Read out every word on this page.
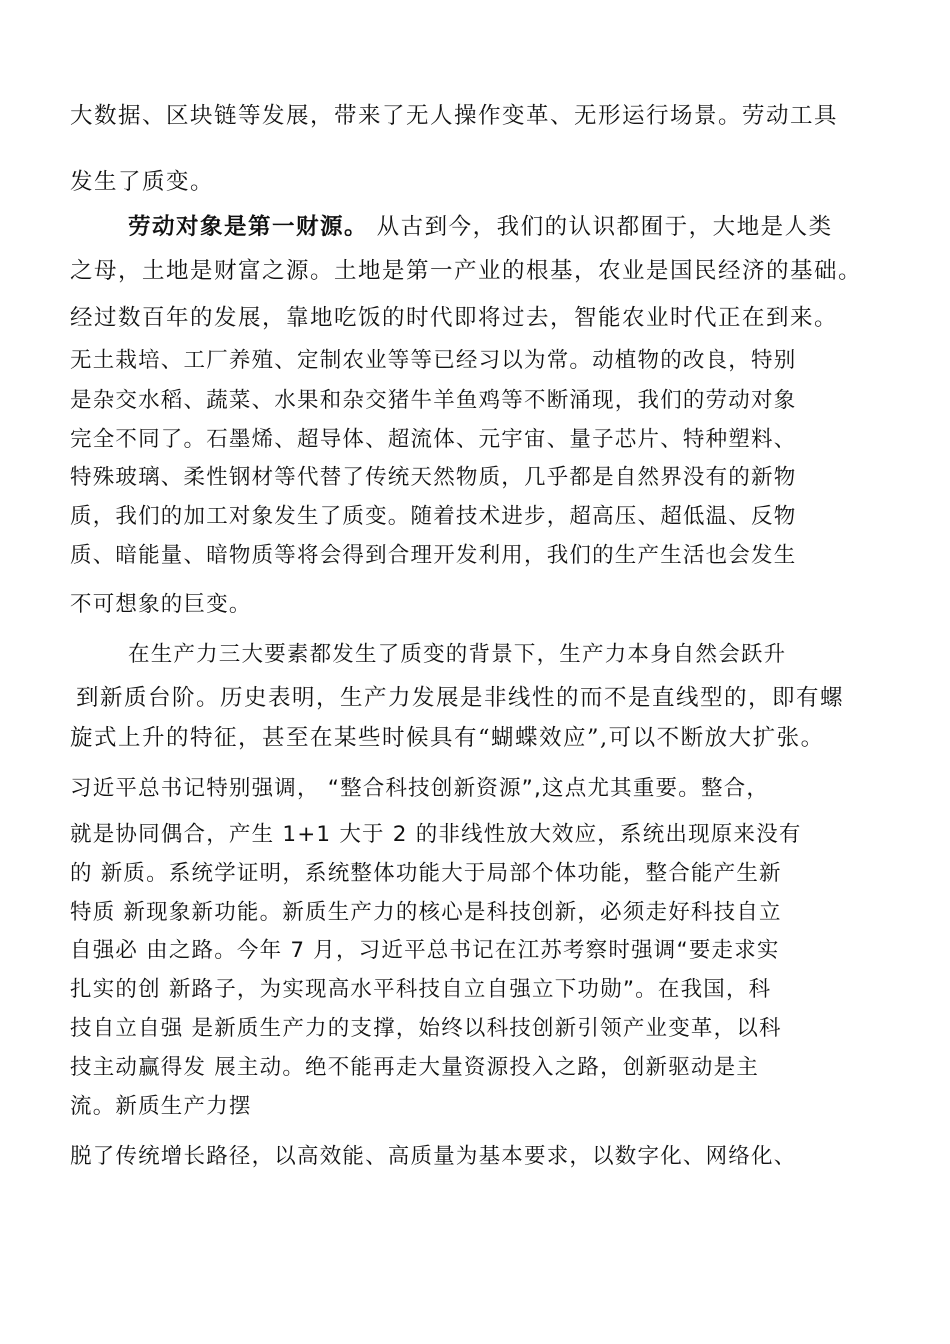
大数据、区块链等发展，带来了无人操作变革、无形运行场景。劳动工具
发生了质变。
劳动对象是第一财源。 从古到今，我们的认识都囿于，大地是人类
之母，土地是财富之源。土地是第一产业的根基，农业是国民经济的基础。
经过数百年的发展，靠地吃饭的时代即将过去，智能农业时代正在到来。
无土栽培、工厂养殖、定制农业等等已经习以为常。动植物的改良，特别
是杂交水稻、蔬菜、水果和杂交猪牛羊鱼鸡等不断涌现，我们的劳动对象
完全不同了。石墨烯、超导体、超流体、元宇宙、量子芯片、特种塑料、
特殊玻璃、柔性钢材等代替了传统天然物质，几乎都是自然界没有的新物
质，我们的加工对象发生了质变。随着技术进步，超高压、超低温、反物
质、暗能量、暗物质等将会得到合理开发利用，我们的生产生活也会发生
不可想象的巨变。
在生产力三大要素都发生了质变的背景下，生产力本身自然会跃升
到新质台阶。历史表明，生产力发展是非线性的而不是直线型的，即有螺
旋式上升的特征，甚至在某些时候具有“蝴蝶效应”,可以不断放大扩张。
习近平总书记特别强调， “整合科技创新资源”,这点尤其重要。整合，
就是协同偶合，产生 1+1 大于 2 的非线性放大效应，系统出现原来没有
的 新质。系统学证明，系统整体功能大于局部个体功能，整合能产生新
特质 新现象新功能。新质生产力的核心是科技创新，必须走好科技自立
自强必 由之路。今年 7 月，习近平总书记在江苏考察时强调“要走求实
扎实的创 新路子，为实现高水平科技自立自强立下功勋”。在我国，科
技自立自强 是新质生产力的支撑，始终以科技创新引领产业变革，以科
技主动赢得发 展主动。绝不能再走大量资源投入之路，创新驱动是主
流。新质生产力摆
脱了传统增长路径，以高效能、高质量为基本要求，以数字化、网络化、
